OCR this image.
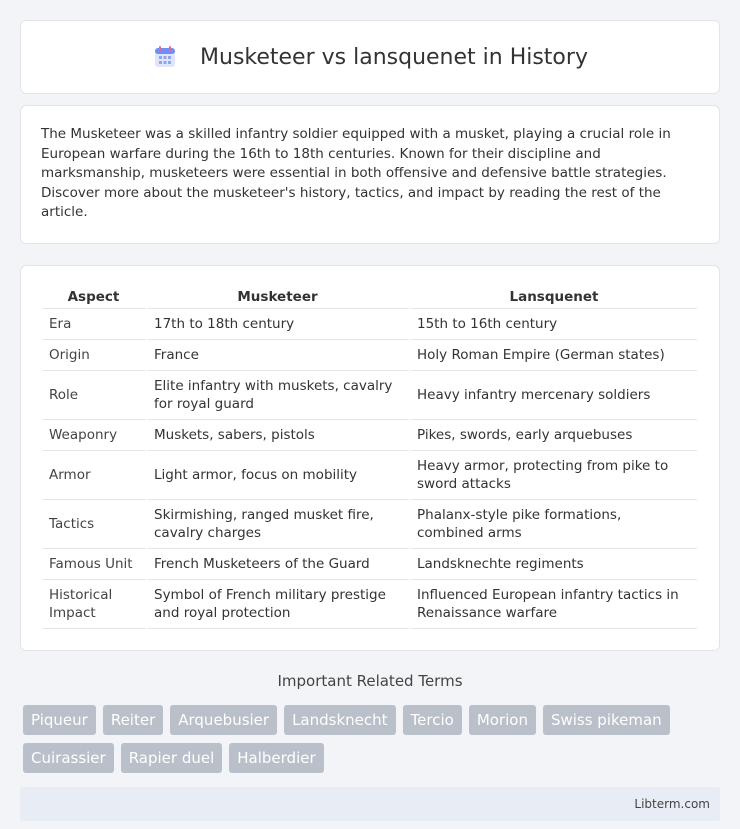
Musketeer vs lansquenet in History

The Musketeer was a skilled infantry soldier equipped with a musket, playing a crucial role in European warfare during the 16th to 18th centuries. Known for their discipline and marksmanship, musketeers were essential in both offensive and defensive battle strategies. Discover more about the musketeer's history, tactics, and impact by reading the rest of the article.

Aspect	Musketeer	Lansquenet
Era	17th to 18th century	15th to 16th century
Origin	France	Holy Roman Empire (German states)
Role	Elite infantry with muskets, cavalry for royal guard	Heavy infantry mercenary soldiers
Weaponry	Muskets, sabers, pistols	Pikes, swords, early arquebuses
Armor	Light armor, focus on mobility	Heavy armor, protecting from pike to sword attacks
Tactics	Skirmishing, ranged musket fire, cavalry charges	Phalanx-style pike formations, combined arms
Famous Unit	French Musketeers of the Guard	Landsknechte regiments
Historical Impact	Symbol of French military prestige and royal protection	Influenced European infantry tactics in Renaissance warfare
Important Related Terms
Piqueur	Reiter	Arquebusier	Landsknecht	Tercio	Morion	Swiss pikeman
Cuirassier	Rapier duel	Halberdier
Libterm.com
